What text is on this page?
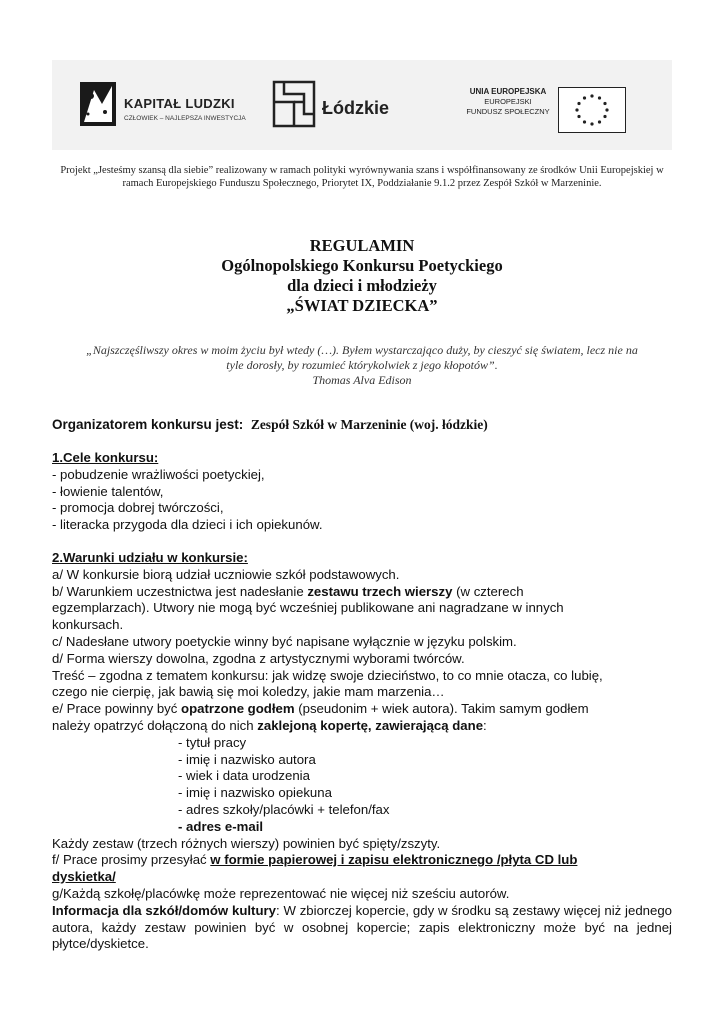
KAPITAŁ LUDZKI
CZŁOWIEK – NAJLEPSZA INWESTYCJA
Łódzkie
UNIA EUROPEJSKA
EUROPEJSKI
FUNDUSZ SPOŁECZNY
Projekt „Jesteśmy szansą dla siebie” realizowany w ramach polityki wyrównywania szans i współfinansowany ze środków Unii Europejskiej w ramach Europejskiego Funduszu Społecznego, Priorytet IX, Poddziałanie 9.1.2 przez Zespół Szkół w Marzeninie.
REGULAMIN
Ogólnopolskiego Konkursu Poetyckiego
dla dzieci i młodzieży
„ŚWIAT DZIECKA”
„Najszczęśliwszy okres w moim życiu był wtedy (…). Byłem wystarczająco duży, by cieszyć się światem, lecz nie na
tyle dorosły, by rozumieć którykolwiek z jego kłopotów”.
Thomas Alva Edison
Organizatorem konkursu jest: Zespół Szkół w Marzeninie (woj. łódzkie)
1.Cele konkursu:
- pobudzenie wrażliwości poetyckiej,
- łowienie talentów,
- promocja dobrej twórczości,
- literacka przygoda dla dzieci i ich opiekunów.
2.Warunki udziału w konkursie:
a/ W konkursie biorą udział uczniowie szkół podstawowych.
b/ Warunkiem uczestnictwa jest nadesłanie zestawu trzech wierszy (w czterech
egzemplarzach). Utwory nie mogą być wcześniej publikowane ani nagradzane w innych
konkursach.
c/ Nadesłane utwory poetyckie winny być napisane wyłącznie w języku polskim.
d/ Forma wierszy dowolna, zgodna z artystycznymi wyborami twórców.
Treść – zgodna z tematem konkursu: jak widzę swoje dzieciństwo, to co mnie otacza, co lubię,
czego nie cierpię, jak bawią się moi koledzy, jakie mam marzenia…
e/ Prace powinny być opatrzone godłem (pseudonim + wiek autora). Takim samym godłem
należy opatrzyć dołączoną do nich zaklejoną kopertę, zawierającą dane:
- tytuł pracy
- imię i nazwisko autora
- wiek i data urodzenia
- imię i nazwisko opiekuna
- adres szkoły/placówki + telefon/fax
- adres e-mail
Każdy zestaw (trzech różnych wierszy) powinien być spięty/zszyty.
f/ Prace prosimy przesyłać w formie papierowej i zapisu elektronicznego /płyta CD lub
dyskietka/
g/Każdą szkołę/placówkę może reprezentować nie więcej niż sześciu autorów.
Informacja dla szkół/domów kultury: W zbiorczej kopercie, gdy w środku są zestawy więcej niż jednego autora, każdy zestaw powinien być w osobnej kopercie; zapis elektroniczny może być na jednej płytce/dyskietce.
